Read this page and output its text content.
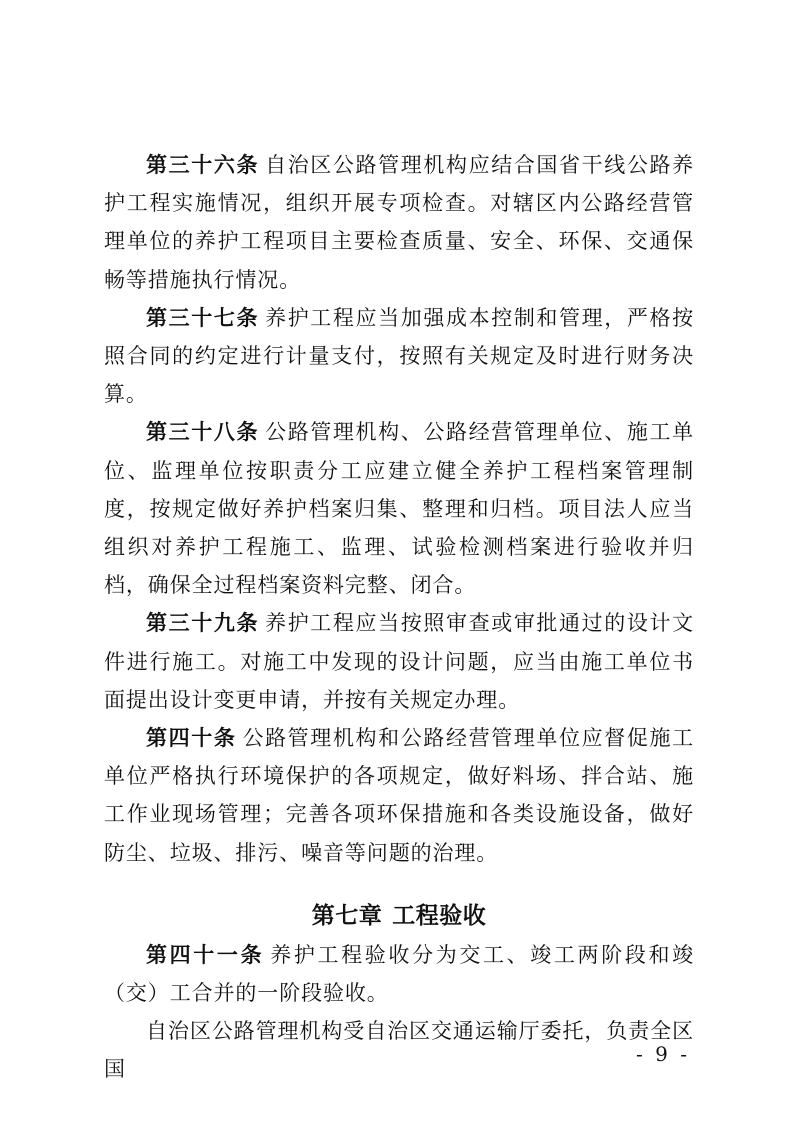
第三十六条 自治区公路管理机构应结合国省干线公路养护工程实施情况，组织开展专项检查。对辖区内公路经营管理单位的养护工程项目主要检查质量、安全、环保、交通保畅等措施执行情况。

第三十七条 养护工程应当加强成本控制和管理，严格按照合同的约定进行计量支付，按照有关规定及时进行财务决算。

第三十八条 公路管理机构、公路经营管理单位、施工单位、监理单位按职责分工应建立健全养护工程档案管理制度，按规定做好养护档案归集、整理和归档。项目法人应当组织对养护工程施工、监理、试验检测档案进行验收并归档，确保全过程档案资料完整、闭合。

第三十九条 养护工程应当按照审查或审批通过的设计文件进行施工。对施工中发现的设计问题，应当由施工单位书面提出设计变更申请，并按有关规定办理。

第四十条 公路管理机构和公路经营管理单位应督促施工单位严格执行环境保护的各项规定，做好料场、拌合站、施工作业现场管理；完善各项环保措施和各类设施设备，做好防尘、垃圾、排污、噪音等问题的治理。

第七章 工程验收

第四十一条 养护工程验收分为交工、竣工两阶段和竣（交）工合并的一阶段验收。

自治区公路管理机构受自治区交通运输厅委托，负责全区国

- 9 -
